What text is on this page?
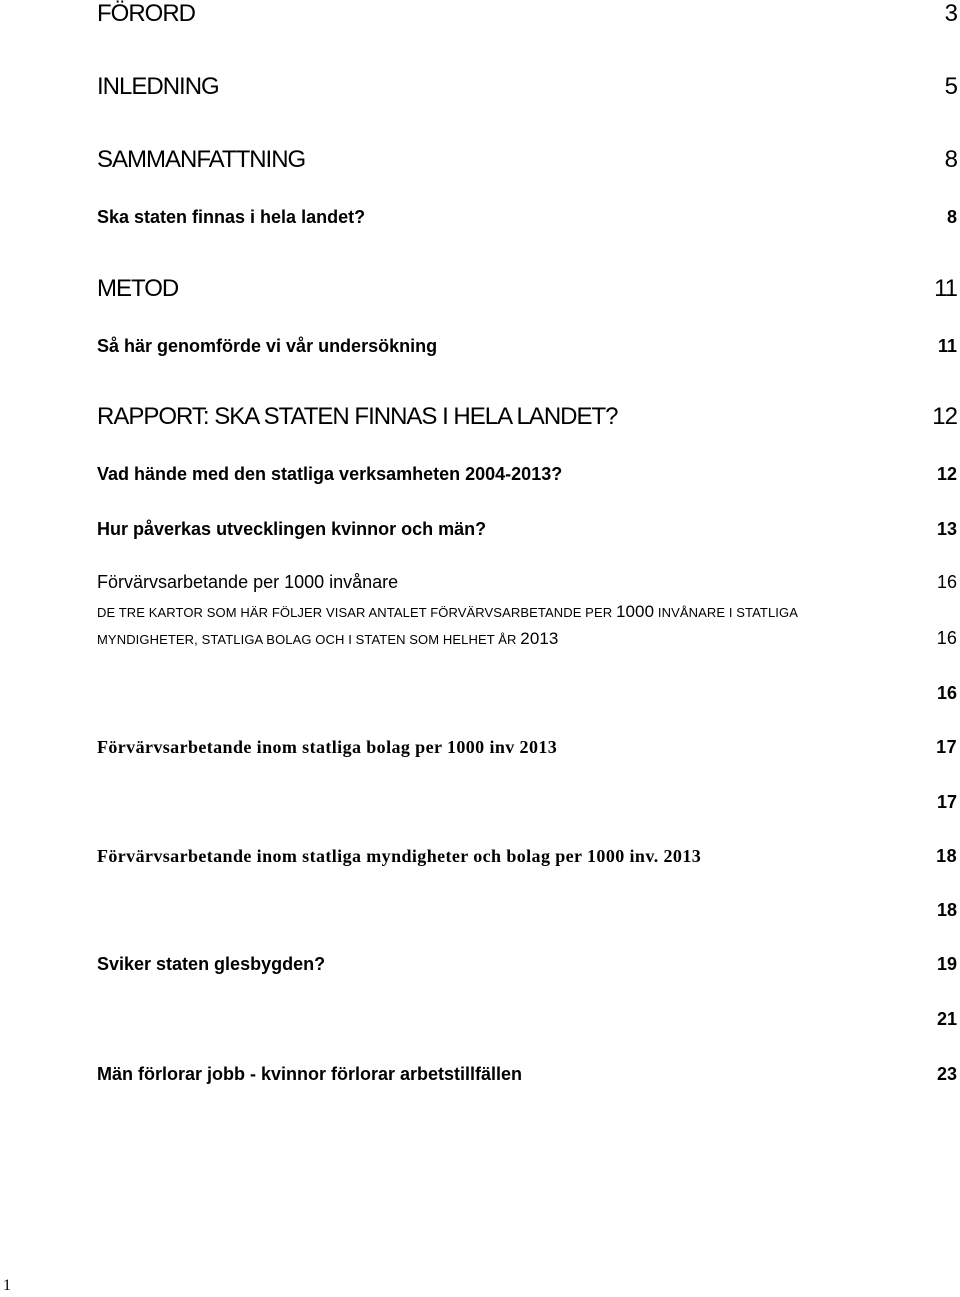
FÖRORD	3
INLEDNING	5
SAMMANFATTNING	8
Ska staten finnas i hela landet?	8
METOD	11
Så här genomförde vi vår undersökning	11
RAPPORT: SKA STATEN FINNAS I HELA LANDET?	12
Vad hände med den statliga verksamheten 2004-2013?	12
Hur påverkas utvecklingen kvinnor och män?	13
Förvärvsarbetande per 1000 invånare	16
DE TRE KARTOR SOM HÄR FÖLJER VISAR ANTALET FÖRVÄRVSARBETANDE PER 1000 INVÅNARE I STATLIGA
MYNDIGHETER, STATLIGA BOLAG OCH I STATEN SOM HELHET ÅR 2013	16
16
Förvärvsarbetande inom statliga bolag per 1000 inv 2013	17
17
Förvärvsarbetande inom statliga myndigheter och bolag per 1000 inv. 2013	18
18
Sviker staten glesbygden?	19
21
Män förlorar jobb - kvinnor förlorar arbetstillfällen	23
1
